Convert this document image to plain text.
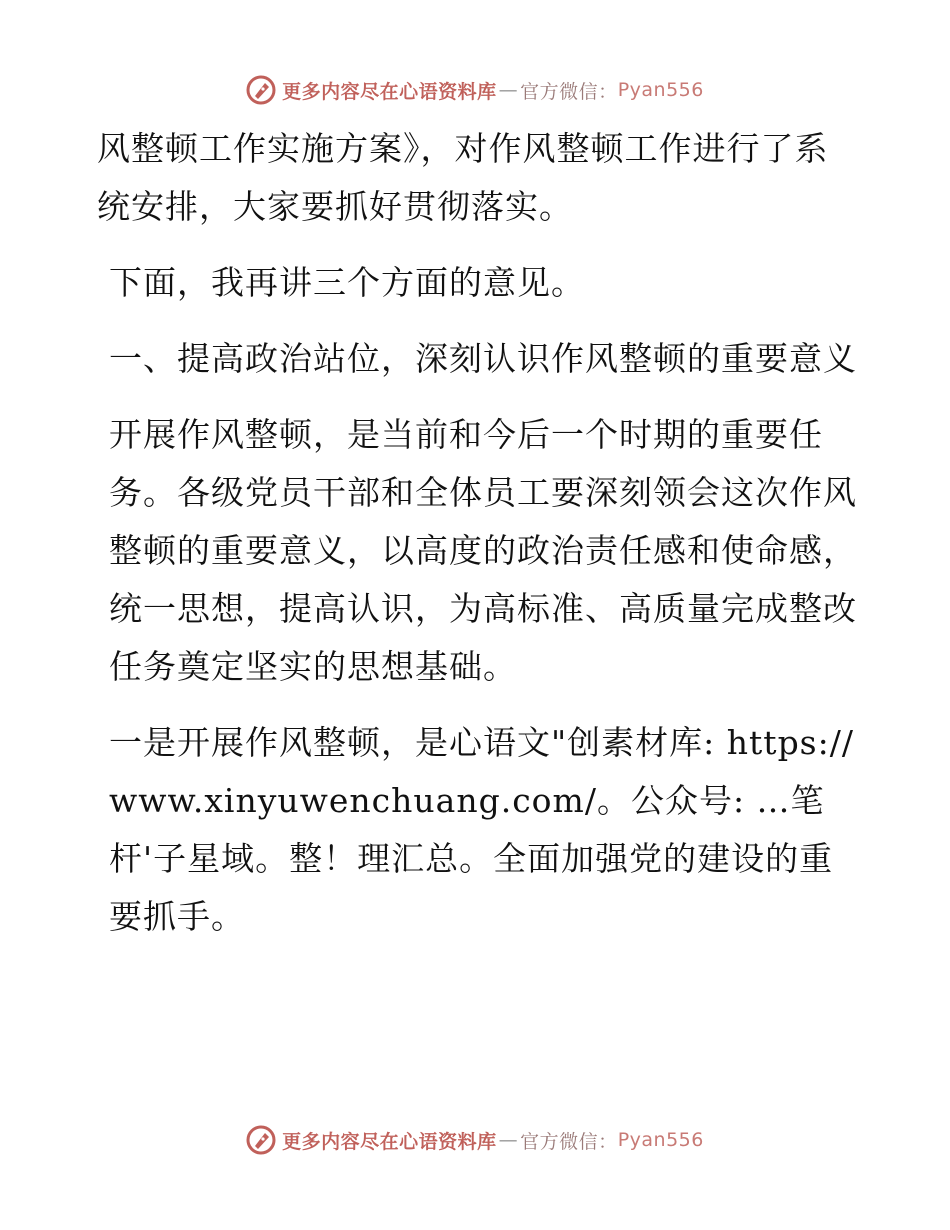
更多内容尽在心语资料库 — 官方微信： Pyan556

风整顿工作实施方案》，对作风整顿工作进行了系统安排，大家要抓好贯彻落实。

下面，我再讲三个方面的意见。

一、提高政治站位，深刻认识作风整顿的重要意义

开展作风整顿，是当前和今后一个时期的重要任务。各级党员干部和全体员工要深刻领会这次作风整顿的重要意义，以高度的政治责任感和使命感，统一思想，提高认识，为高标准、高质量完成整改任务奠定坚实的思想基础。

一是开展作风整顿，是心语文"创素材库: https://www.xinyuwenchuang.com/。公众号: …笔杆'子星域。整！理汇总。全面加强党的建设的重要抓手。

更多内容尽在心语资料库 — 官方微信： Pyan556
